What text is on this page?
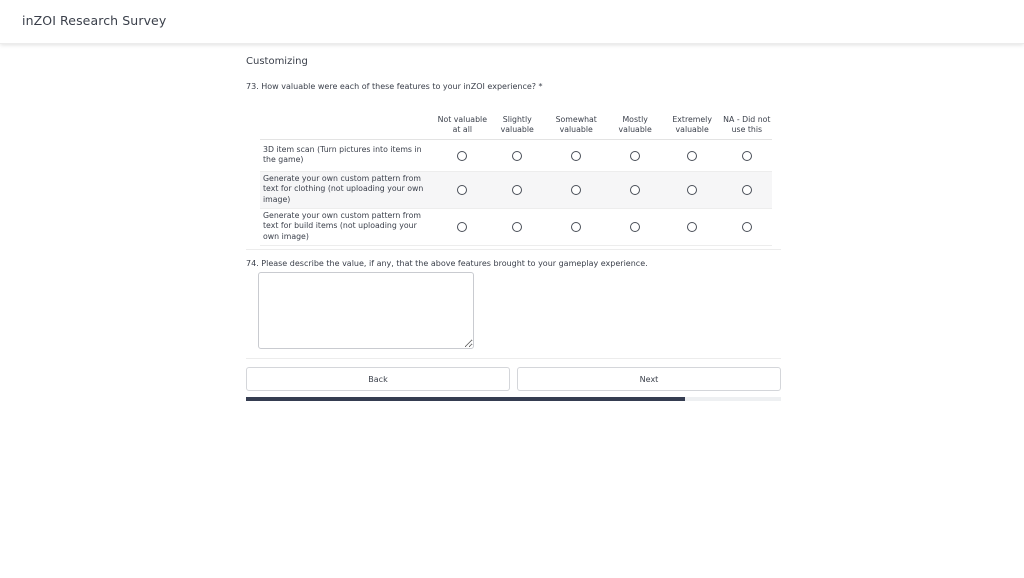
inZOI Research Survey
Customizing
73. How valuable were each of these features to your inZOI experience? *
	Not valuable at all	Slightly valuable	Somewhat valuable	Mostly valuable	Extremely valuable	NA - Did not use this
3D item scan (Turn pictures into items in the game)						
Generate your own custom pattern from text for clothing (not uploading your own image)						
Generate your own custom pattern from text for build items (not uploading your own image)						
74. Please describe the value, if any, that the above features brought to your gameplay experience.
Back	Next
